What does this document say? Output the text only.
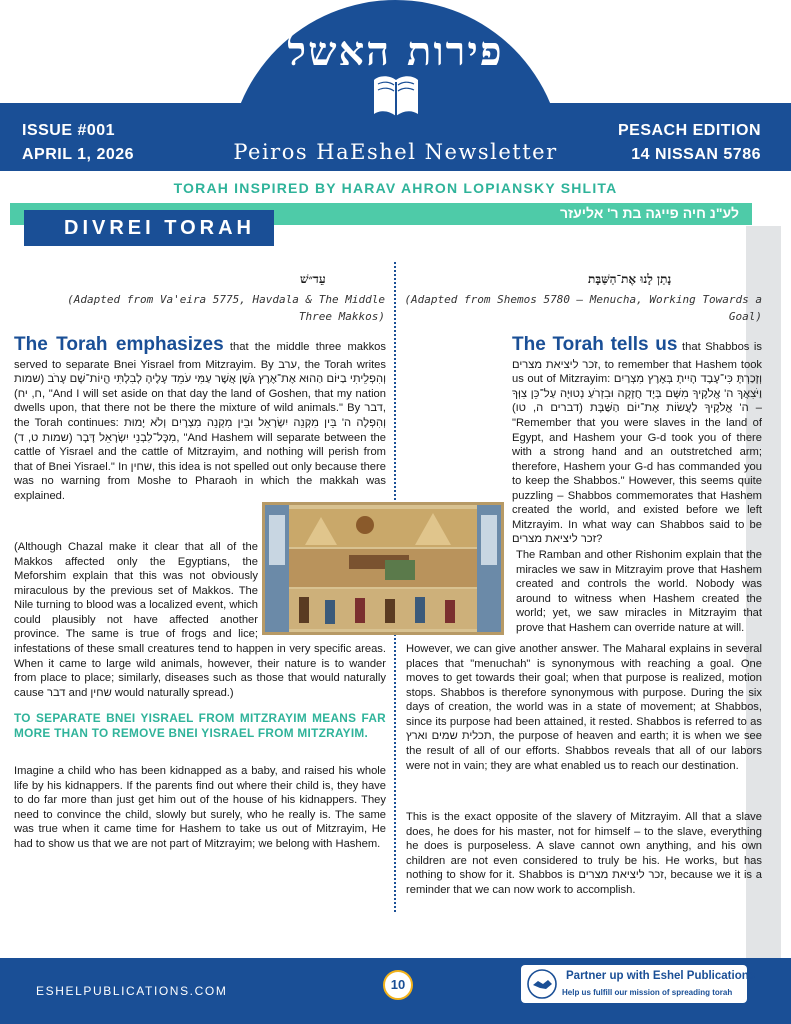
פירות האשל
ISSUE #001
APRIL 1, 2026
PESACH EDITION
14 NISSAN 5786
Peiros HaEshel Newsletter
TORAH INSPIRED BY HARAV AHRON LOPIANSKY SHLITA
לע"נ חיה פייגה בת ר' אליעזר
DIVREI TORAH
עֵד״שׁ
(Adapted from Va'eira 5775, Havdala & The Middle Three Makkos)
The Torah emphasizes that the middle three makkos served to separate Bnei Yisrael from Mitzrayim. By ערב, the Torah writes וְהִפְלֵיתִי בַיּוֹם הַהוּא אֶת־אֶרֶץ גֹּשֶׁן אֲשֶׁר עַמִּי עֹמֵד עָלֶיהָ לְבִלְתִּי הֱיוֹת־שָׁם עָרֹב (שמות ח, יח), "And I will set aside on that day the land of Goshen, that my nation dwells upon, that there not be there the mixture of wild animals." By דבר, the Torah continues: וְהִפְלָה ה' בֵּין מִקְנֵה יִשְׂרָאֵל וּבֵין מִקְנֵה מִצְרָיִם וְלֹא יָמוּת מִכׇּל־לִבְנֵי יִשְׂרָאֵל דָּבָר (שמות ט, ד), "And Hashem will separate between the cattle of Yisrael and the cattle of Mitzrayim, and nothing will perish from that of Bnei Yisrael." In שחין, this idea is not spelled out only because there was no warning from Moshe to Pharaoh in which the makkah was explained.
(Although Chazal make it clear that all of the Makkos affected only the Egyptians, the Meforshim explain that this was not obviously miraculous by the previous set of Makkos. The Nile turning to blood was a localized event, which could plausibly not have affected another province. The same is true of frogs and lice; infestations of these small creatures tend to happen in very specific areas. When it came to large wild animals, however, their nature is to wander from place to place; similarly, diseases such as those that would naturally cause דבר and שחין would naturally spread.)
TO SEPARATE BNEI YISRAEL FROM MITZRAYIM MEANS FAR MORE THAN TO REMOVE BNEI YISRAEL FROM MITZRAYIM.
Imagine a child who has been kidnapped as a baby, and raised his whole life by his kidnappers. If the parents find out where their child is, they have to do far more than just get him out of the house of his kidnappers. They need to convince the child, slowly but surely, who he really is. The same was true when it came time for Hashem to take us out of Mitzrayim, He had to show us that we are not part of Mitzrayim; we belong with Hashem.
נָתַן לָנוּ אֶת־הַשַּׁבָּת
(Adapted from Shemos 5780 – Menucha, Working Towards a Goal)
The Torah tells us that Shabbos is זכר ליציאת מצרים, to remember that Hashem took us out of Mitzrayim: וְזָכַרְתָּ כִּי־עֶבֶד הָיִיתָ בְּאֶרֶץ מִצְרַיִם וַיֹּצִאֲךָ ה' אֱלֹקֶיךָ מִשָּׁם בְּיָד חֲזָקָה וּבִזְרֹעַ נְטוּיָה עַל־כֵּן צִוְּךָ ה' אֱלֹקֶיךָ לַעֲשׂוֹת אֶת־יוֹם הַשַּׁבָּת (דברים ה, טו) – "Remember that you were slaves in the land of Egypt, and Hashem your G-d took you of there with a strong hand and an outstretched arm; therefore, Hashem your G-d has commanded you to keep the Shabbos." However, this seems quite puzzling – Shabbos commemorates that Hashem created the world, and existed before we left Mitzrayim. In what way can Shabbos said to be זכר ליציאת מצרים?
The Ramban and other Rishonim explain that the miracles we saw in Mitzrayim prove that Hashem created and controls the world. Nobody was around to witness when Hashem created the world; yet, we saw miracles in Mitzrayim that prove that Hashem can override nature at will.
However, we can give another answer. The Maharal explains in several places that "menuchah" is synonymous with reaching a goal. One moves to get towards their goal; when that purpose is realized, motion stops. Shabbos is therefore synonymous with purpose. During the six days of creation, the world was in a state of movement; at Shabbos, since its purpose had been attained, it rested. Shabbos is referred to as תכלית שמים וארץ, the purpose of heaven and earth; it is when we see the result of all of our efforts. Shabbos reveals that all of our labors were not in vain; they are what enabled us to reach our destination.
This is the exact opposite of the slavery of Mitzrayim. All that a slave does, he does for his master, not for himself – to the slave, everything he does is purposeless. A slave cannot own anything, and his own children are not even considered to truly be his. He works, but has nothing to show for it. Shabbos is זכר ליציאת מצרים, because we it is a reminder that we can now work to accomplish.
ESHELPUBLICATIONS.COM	10
Partner up with Eshel Publications
Help us fulfill our mission of spreading torah
